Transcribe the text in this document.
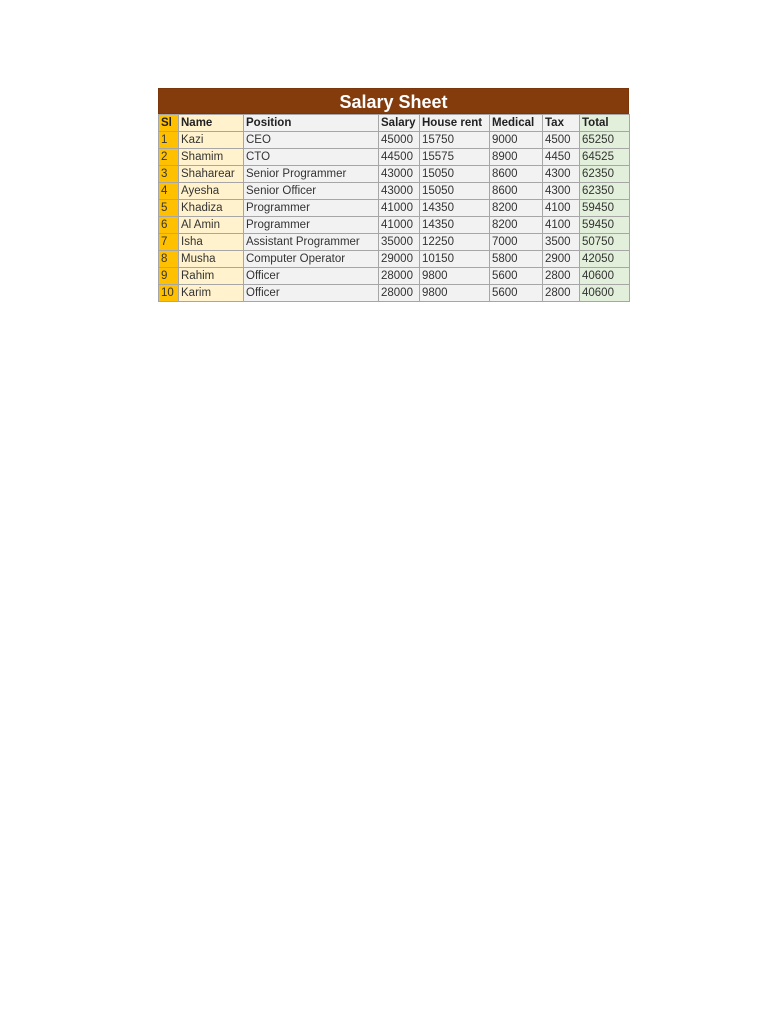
Salary Sheet
Sl	Name	Position	Salary	House rent	Medical	Tax	Total
1	Kazi	CEO	45000	15750	9000	4500	65250
2	Shamim	CTO	44500	15575	8900	4450	64525
3	Shaharear	Senior Programmer	43000	15050	8600	4300	62350
4	Ayesha	Senior Officer	43000	15050	8600	4300	62350
5	Khadiza	Programmer	41000	14350	8200	4100	59450
6	Al Amin	Programmer	41000	14350	8200	4100	59450
7	Isha	Assistant Programmer	35000	12250	7000	3500	50750
8	Musha	Computer Operator	29000	10150	5800	2900	42050
9	Rahim	Officer	28000	9800	5600	2800	40600
10	Karim	Officer	28000	9800	5600	2800	40600
